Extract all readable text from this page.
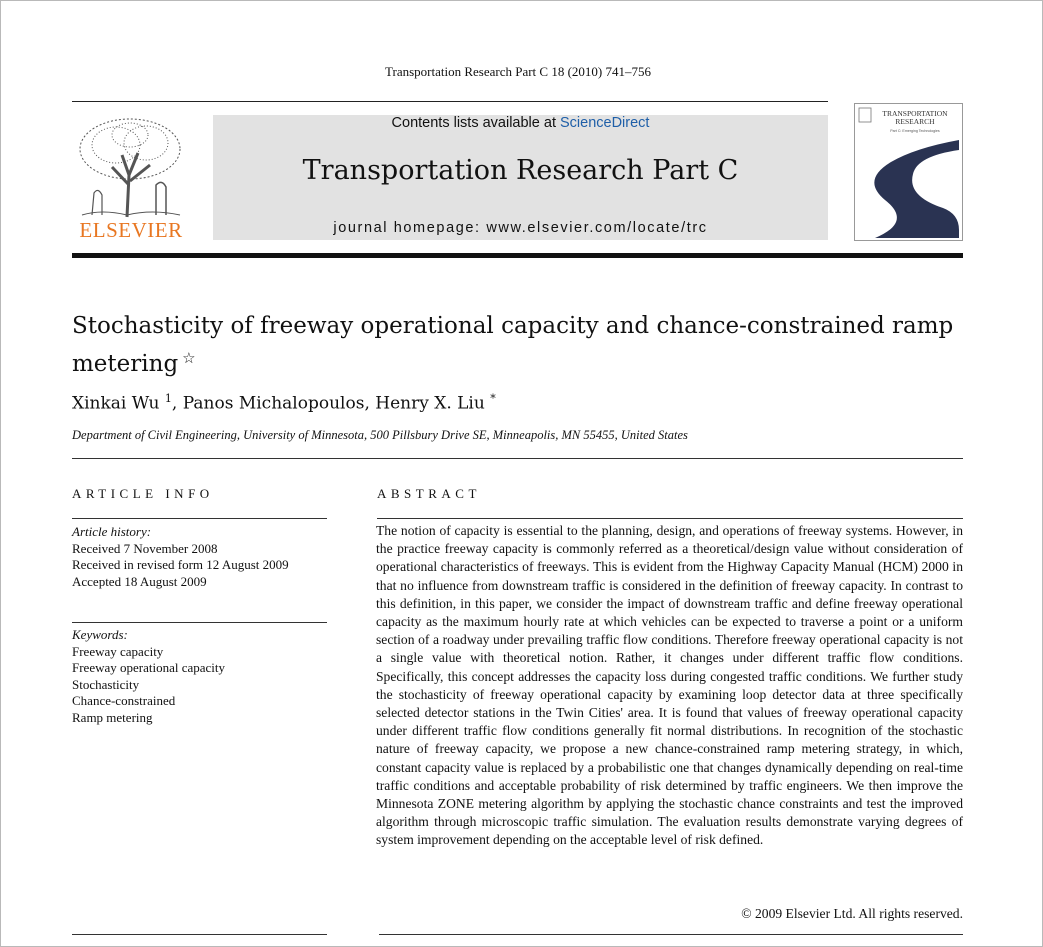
Transportation Research Part C 18 (2010) 741–756
ELSEVIER
Contents lists available at ScienceDirect
Transportation Research Part C
journal homepage: www.elsevier.com/locate/trc
TRANSPORTATION
RESEARCH
Part C: Emerging Technologies
Stochasticity of freeway operational capacity and chance-constrained ramp metering ☆
Xinkai Wu $^1$, Panos Michalopoulos, Henry X. Liu *
Department of Civil Engineering, University of Minnesota, 500 Pillsbury Drive SE, Minneapolis, MN 55455, United States
ARTICLE INFO
Article history:
Received 7 November 2008
Received in revised form 12 August 2009
Accepted 18 August 2009
Keywords:
Freeway capacity
Freeway operational capacity
Stochasticity
Chance-constrained
Ramp metering
ABSTRACT
The notion of capacity is essential to the planning, design, and operations of freeway systems. However, in the practice freeway capacity is commonly referred as a theoretical/design value without consideration of operational characteristics of freeways. This is evident from the Highway Capacity Manual (HCM) 2000 in that no influence from downstream traffic is considered in the definition of freeway capacity. In contrast to this definition, in this paper, we consider the impact of downstream traffic and define freeway operational capacity as the maximum hourly rate at which vehicles can be expected to traverse a point or a uniform section of a roadway under prevailing traffic flow conditions. Therefore freeway operational capacity is not a single value with theoretical notion. Rather, it changes under different traffic flow conditions. Specifically, this concept addresses the capacity loss during congested traffic conditions. We further study the stochasticity of freeway operational capacity by examining loop detector data at three specifically selected detector stations in the Twin Cities' area. It is found that values of freeway operational capacity under different traffic flow conditions generally fit normal distributions. In recognition of the stochastic nature of freeway capacity, we propose a new chance-constrained ramp metering strategy, in which, constant capacity value is replaced by a probabilistic one that changes dynamically depending on real-time traffic conditions and acceptable probability of risk determined by traffic engineers. We then improve the Minnesota ZONE metering algorithm by applying the stochastic chance constraints and test the improved algorithm through microscopic traffic simulation. The evaluation results demonstrate varying degrees of system improvement depending on the acceptable level of risk defined.
© 2009 Elsevier Ltd. All rights reserved.
